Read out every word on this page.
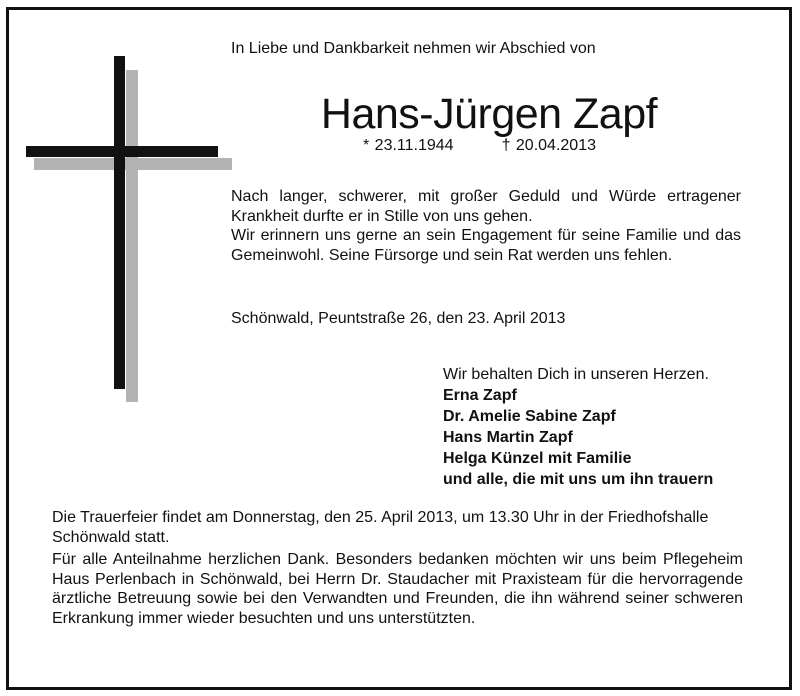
In Liebe und Dankbarkeit nehmen wir Abschied von
Hans-Jürgen Zapf
* 23.11.1944	† 20.04.2013

Nach langer, schwerer, mit großer Geduld und Würde ertragener Krankheit durfte er in Stille von uns gehen.

Wir erinnern uns gerne an sein Engagement für seine Familie und das Gemeinwohl. Seine Fürsorge und sein Rat werden uns fehlen.

Schönwald, Peuntstraße 26, den 23. April 2013
Wir behalten Dich in unseren Herzen.
Erna Zapf
Dr. Amelie Sabine Zapf
Hans Martin Zapf
Helga Künzel mit Familie
und alle, die mit uns um ihn trauern

Die Trauerfeier findet am Donnerstag, den 25. April 2013, um 13.30 Uhr in der Friedhofshalle Schönwald statt.

Für alle Anteilnahme herzlichen Dank. Besonders bedanken möchten wir uns beim Pflegeheim Haus Perlenbach in Schönwald, bei Herrn Dr. Staudacher mit Praxisteam für die hervorragende ärztliche Betreuung sowie bei den Verwandten und Freunden, die ihn während seiner schweren Erkrankung immer wieder besuchten und uns unterstützten.
